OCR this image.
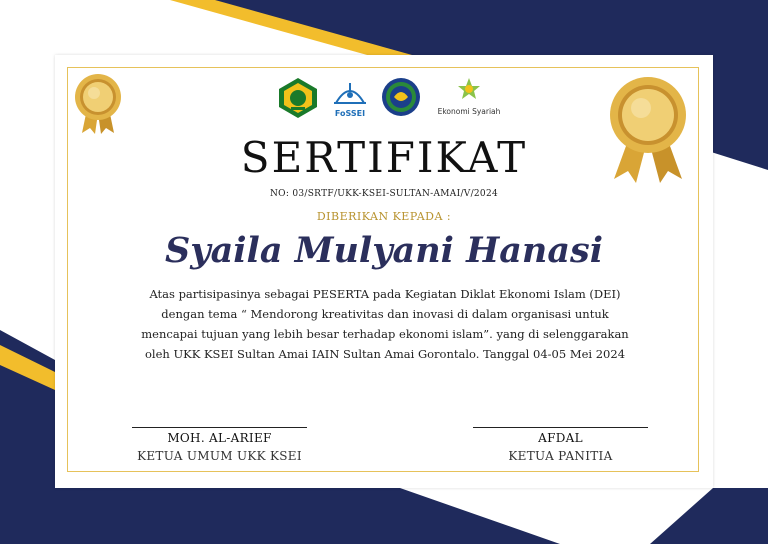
FoSSEI	Ekonomi Syariah
SERTIFIKAT
NO: 03/SRTF/UKK-KSEI-SULTAN-AMAI/V/2024
DIBERIKAN KEPADA :
Syaila Mulyani Hanasi
Atas partisipasinya sebagai PESERTA pada Kegiatan Diklat Ekonomi Islam (DEI) dengan tema “ Mendorong kreativitas dan inovasi di dalam organisasi untuk mencapai tujuan yang lebih besar terhadap ekonomi islam”. yang di selenggarakan oleh UKK KSEI Sultan Amai IAIN Sultan Amai Gorontalo. Tanggal 04-05 Mei 2024
MOH. AL-ARIEF
KETUA UMUM UKK KSEI
AFDAL
KETUA PANITIA
